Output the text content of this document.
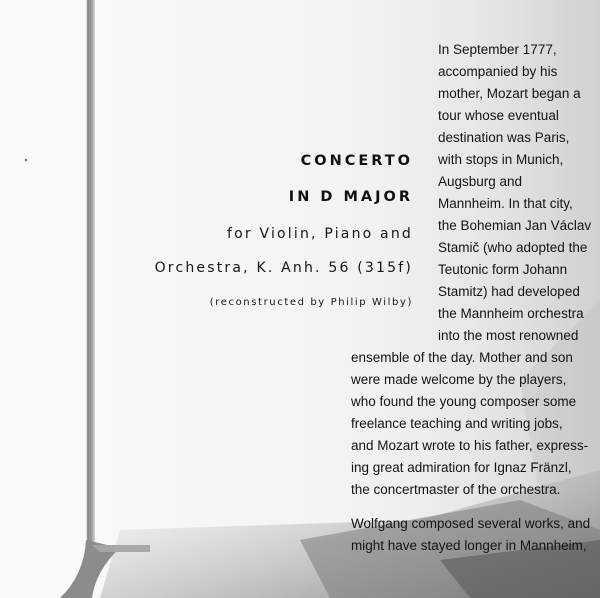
CONCERTO
IN D MAJOR

for Violin, Piano and

Orchestra, K. Anh. 56 (315f)

(reconstructed by Philip Wilby)

In September 1777,

accompanied by his

mother, Mozart began a

tour whose eventual

destination was Paris,

with stops in Munich,

Augsburg and

Mannheim. In that city,

the Bohemian Jan Václav

Stamič (who adopted the

Teutonic form Johann

Stamitz) had developed

the Mannheim orchestra

into the most renowned

ensemble of the day. Mother and son

were made welcome by the players,

who found the young composer some

freelance teaching and writing jobs,

and Mozart wrote to his father, express-

ing great admiration for Ignaz Fränzl,

the concertmaster of the orchestra.

Wolfgang composed several works, and

might have stayed longer in Mannheim,
